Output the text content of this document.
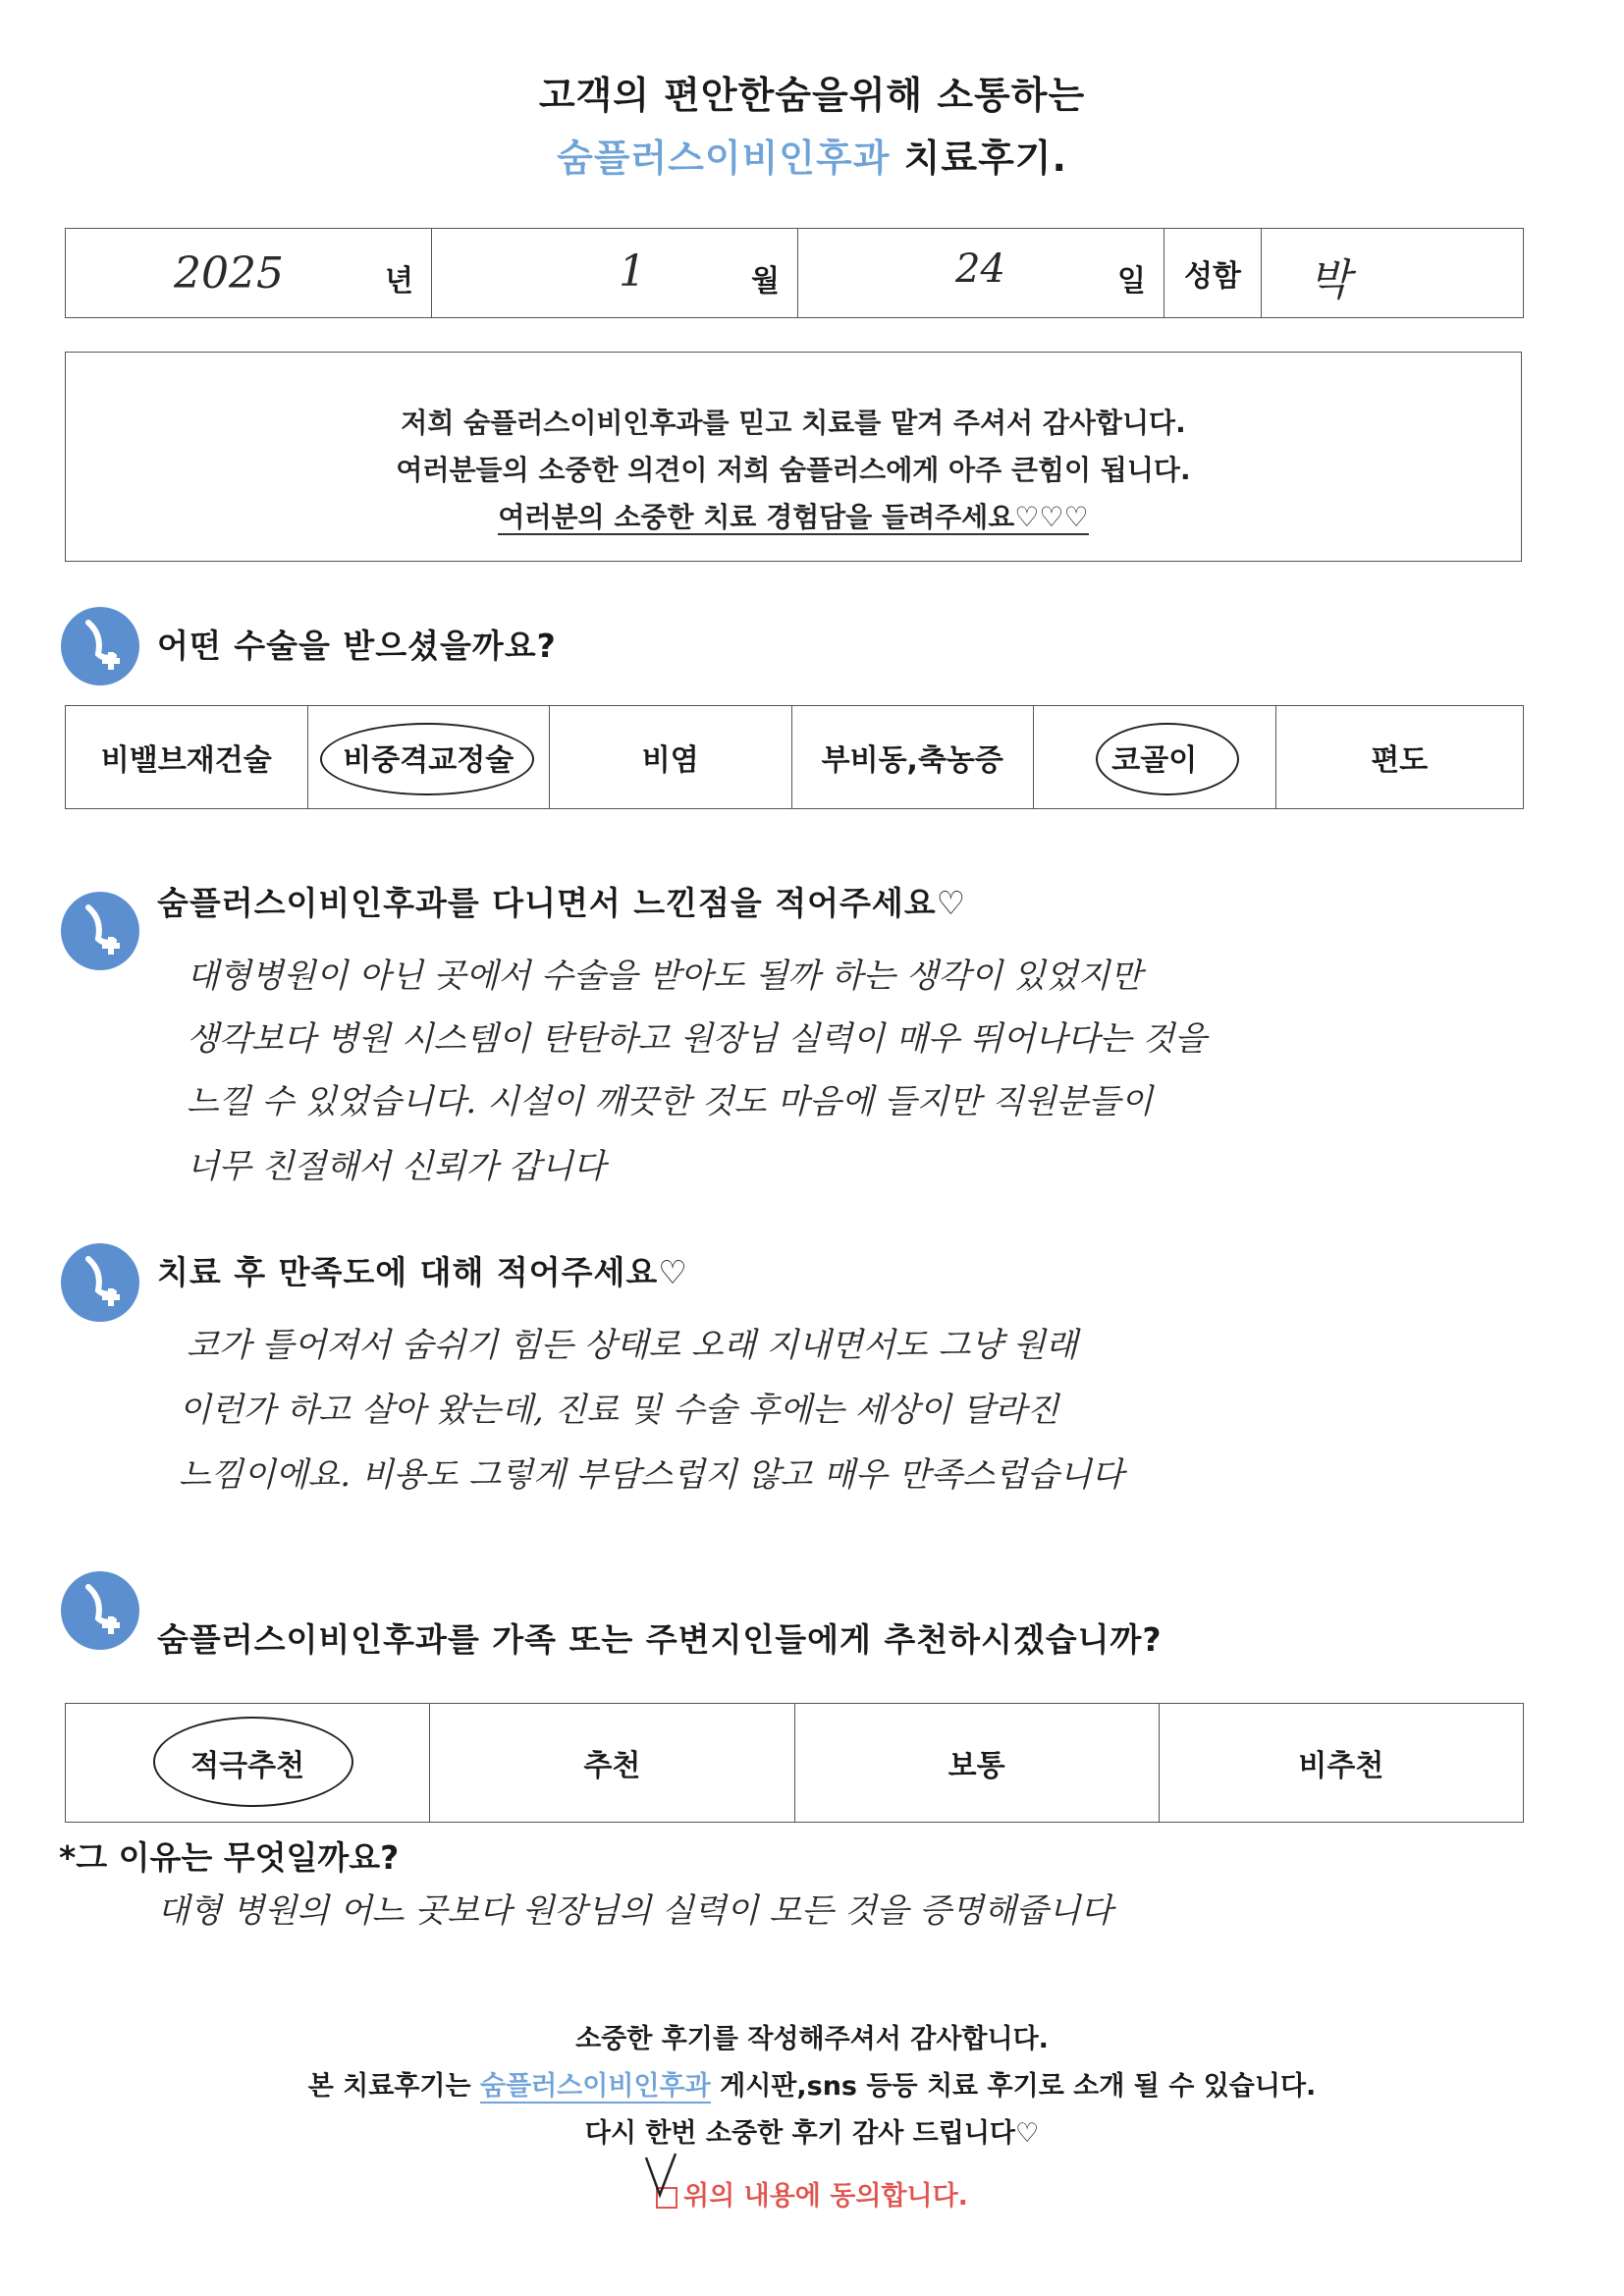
고객의 편안한숨을위해 소통하는
숨플러스이비인후과 치료후기.
2025	년	1	월	24	일	성함	박
저희 숨플러스이비인후과를 믿고 치료를 맡겨 주셔서 감사합니다.
여러분들의 소중한 의견이 저희 숨플러스에게 아주 큰힘이 됩니다.
여러분의 소중한 치료 경험담을 들려주세요♡♡♡
어떤 수술을 받으셨을까요?
비밸브재건술	비중격교정술	비염	부비동,축농증	코골이	편도
숨플러스이비인후과를 다니면서 느낀점을 적어주세요♡
대형병원이 아닌 곳에서 수술을 받아도 될까 하는 생각이 있었지만
생각보다 병원 시스템이 탄탄하고 원장님 실력이 매우 뛰어나다는 것을
느낄 수 있었습니다. 시설이 깨끗한 것도 마음에 들지만 직원분들이
너무 친절해서 신뢰가 갑니다
치료 후 만족도에 대해 적어주세요♡
코가 틀어져서 숨쉬기 힘든 상태로 오래 지내면서도 그냥 원래
이런가 하고 살아 왔는데, 진료 및 수술 후에는 세상이 달라진
느낌이에요. 비용도 그렇게 부담스럽지 않고 매우 만족스럽습니다
숨플러스이비인후과를 가족 또는 주변지인들에게 추천하시겠습니까?
적극추천	추천	보통	비추천
*그 이유는 무엇일까요?
대형 병원의 어느 곳보다 원장님의 실력이 모든 것을 증명해줍니다
소중한 후기를 작성해주셔서 감사합니다.
본 치료후기는 숨플러스이비인후과 게시판,sns 등등 치료 후기로 소개 될 수 있습니다.
다시 한번 소중한 후기 감사 드립니다♡
위의 내용에 동의합니다.
